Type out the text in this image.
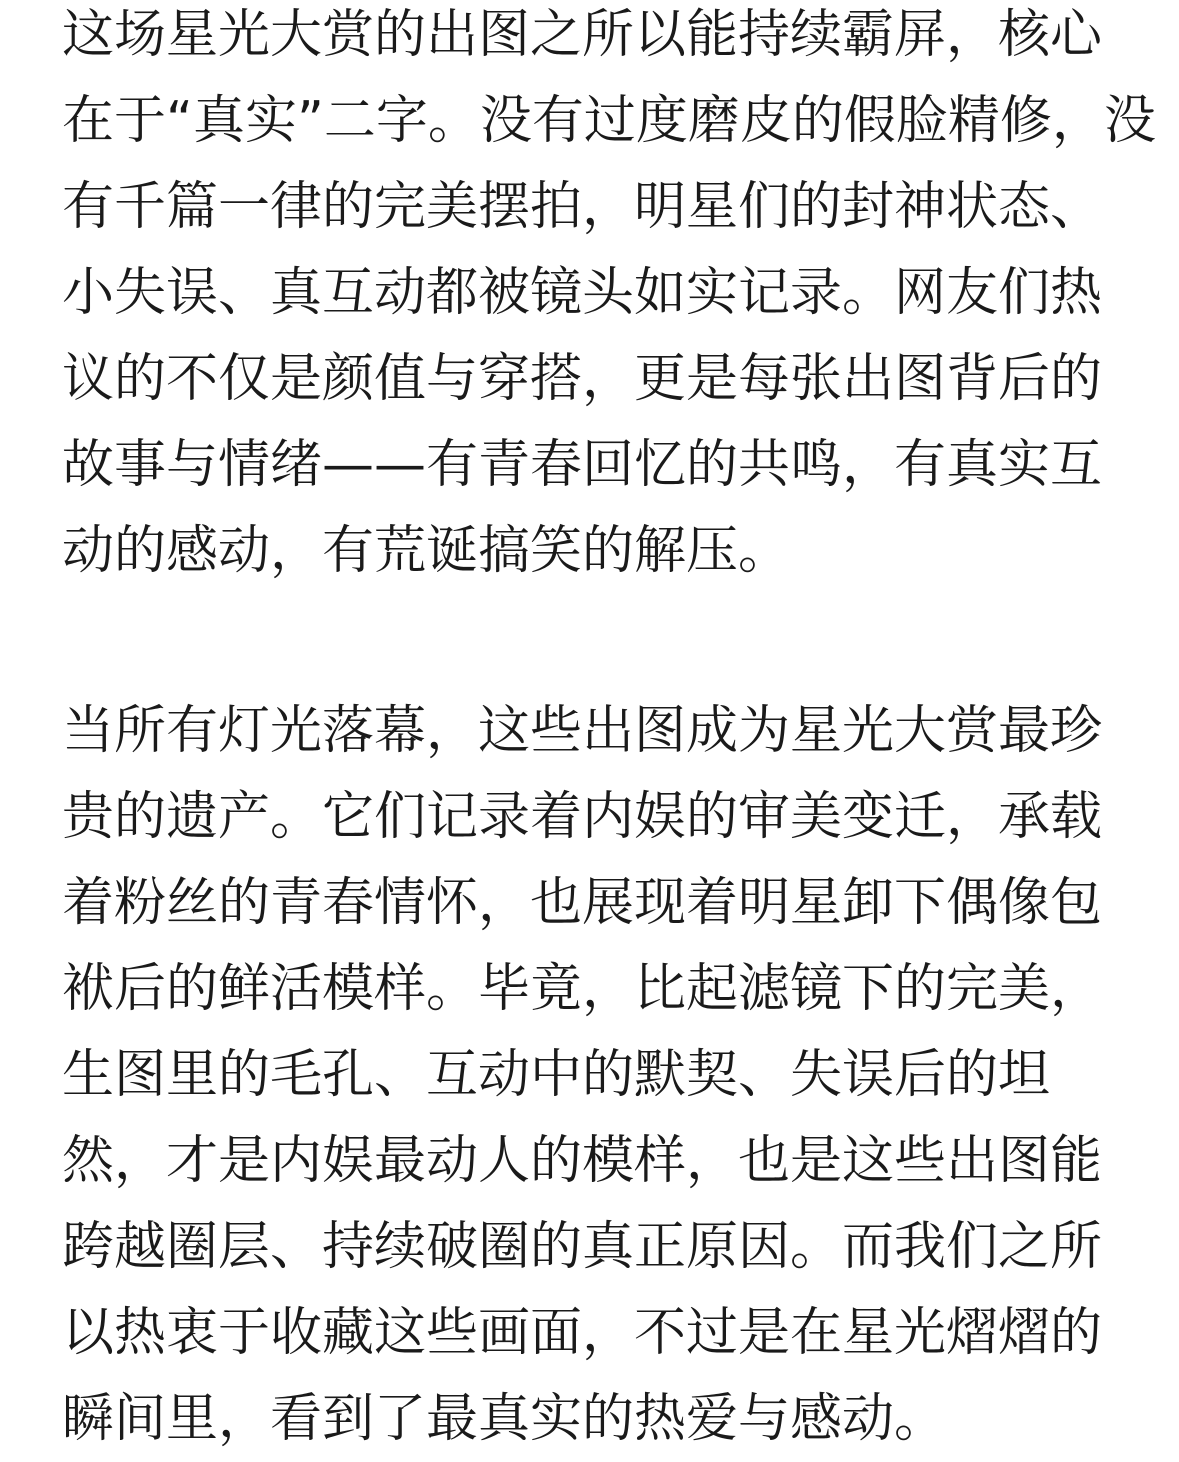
这场星光大赏的出图之所以能持续霸屏，核心
在于“真实”二字。没有过度磨皮的假脸精修，没
有千篇一律的完美摆拍，明星们的封神状态、
小失误、真互动都被镜头如实记录。网友们热
议的不仅是颜值与穿搭，更是每张出图背后的
故事与情绪——有青春回忆的共鸣，有真实互
动的感动，有荒诞搞笑的解压。
当所有灯光落幕，这些出图成为星光大赏最珍
贵的遗产。它们记录着内娱的审美变迁，承载
着粉丝的青春情怀，也展现着明星卸下偶像包
袱后的鲜活模样。毕竟，比起滤镜下的完美，
生图里的毛孔、互动中的默契、失误后的坦
然，才是内娱最动人的模样，也是这些出图能
跨越圈层、持续破圈的真正原因。而我们之所
以热衷于收藏这些画面，不过是在星光熠熠的
瞬间里，看到了最真实的热爱与感动。
